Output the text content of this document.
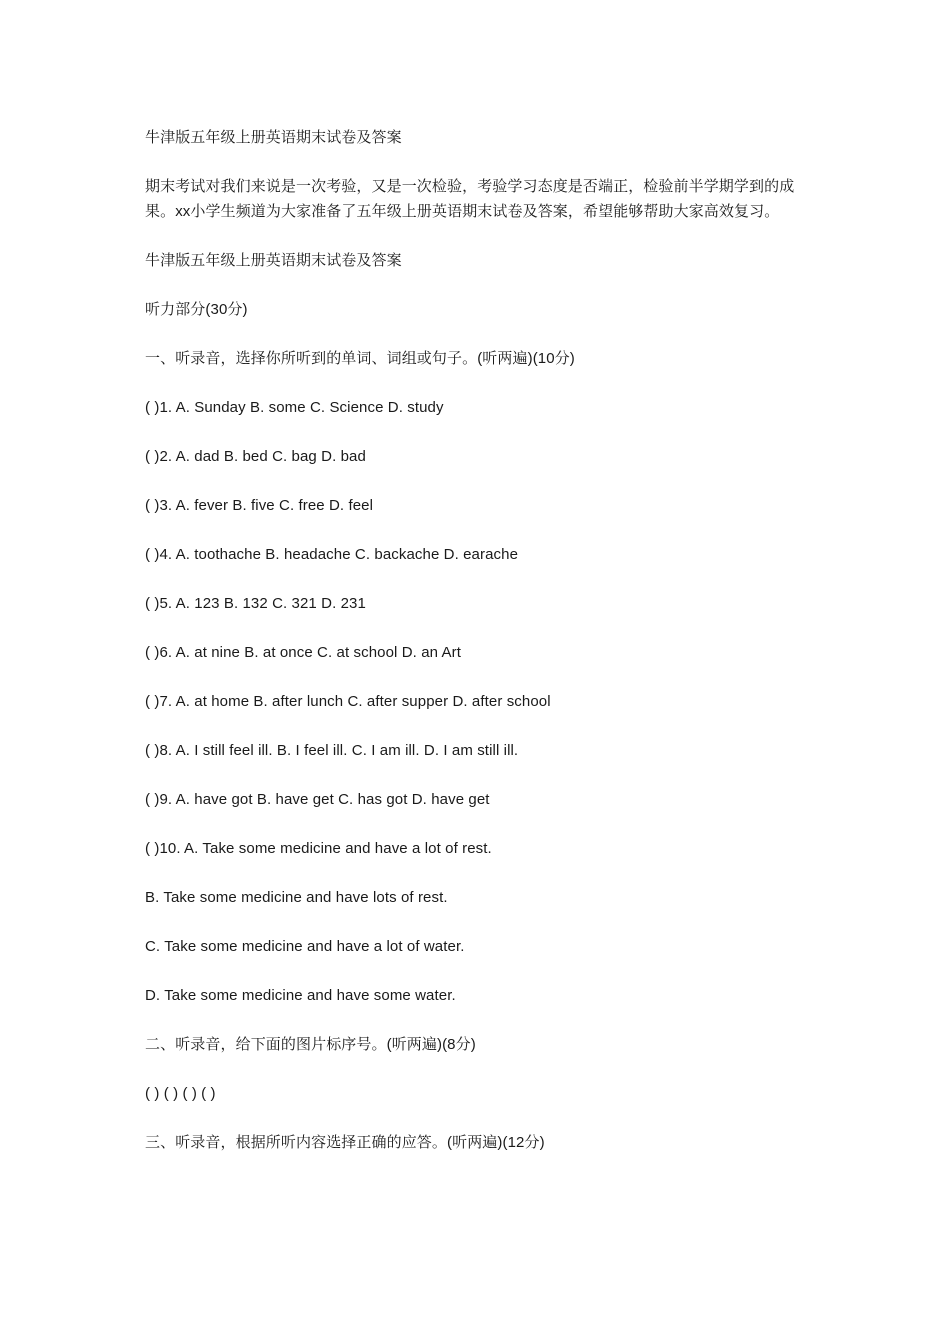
牛津版五年级上册英语期末试卷及答案

期末考试对我们来说是一次考验，又是一次检验，考验学习态度是否端正，检验前半学期学到的成果。xx小学生频道为大家准备了五年级上册英语期末试卷及答案，希望能够帮助大家高效复习。

牛津版五年级上册英语期末试卷及答案

听力部分(30分)

一、听录音，选择你所听到的单词、词组或句子。(听两遍)(10分)

( )1. A. Sunday B. some C. Science D. study

( )2. A. dad B. bed C. bag D. bad

( )3. A. fever B. five C. free D. feel

( )4. A. toothache B. headache C. backache D. earache

( )5. A. 123 B. 132 C. 321 D. 231

( )6. A. at nine B. at once C. at school D. an Art

( )7. A. at home B. after lunch C. after supper D. after school

( )8. A. I still feel ill. B. I feel ill. C. I am ill. D. I am still ill.

( )9. A. have got B. have get C. has got D. have get

( )10. A. Take some medicine and have a lot of rest.

B. Take some medicine and have lots of rest.

C. Take some medicine and have a lot of water.

D. Take some medicine and have some water.

二、听录音，给下面的图片标序号。(听两遍)(8分)

( ) ( ) ( ) ( )

三、听录音，根据所听内容选择正确的应答。(听两遍)(12分)
